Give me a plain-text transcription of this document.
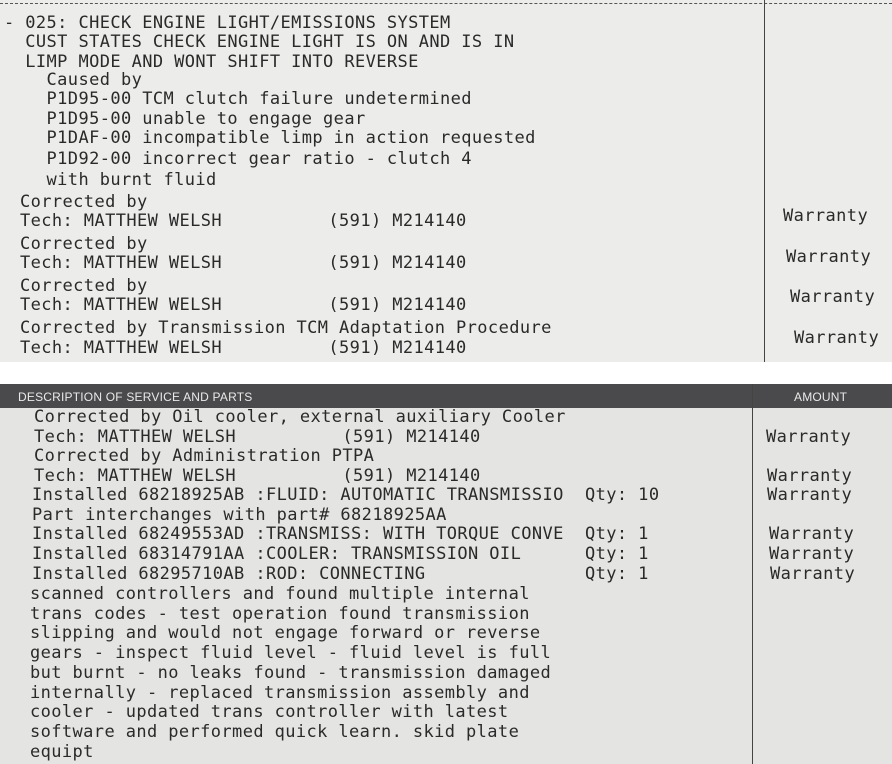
- 025: CHECK ENGINE LIGHT/EMISSIONS SYSTEM
CUST STATES CHECK ENGINE LIGHT IS ON AND IS IN
LIMP MODE AND WONT SHIFT INTO REVERSE
Caused by
P1D95-00 TCM clutch failure undetermined
P1D95-00 unable to engage gear
P1DAF-00 incompatible limp in action requested
P1D92-00 incorrect gear ratio - clutch 4
with burnt fluid
Corrected by
Tech: MATTHEW WELSH          (591) M214140
Corrected by
Tech: MATTHEW WELSH          (591) M214140
Corrected by
Tech: MATTHEW WELSH          (591) M214140
Corrected by Transmission TCM Adaptation Procedure
Tech: MATTHEW WELSH          (591) M214140
Warranty
Warranty
Warranty
Warranty
DESCRIPTION OF SERVICE AND PARTS	AMOUNT
Corrected by Oil cooler, external auxiliary Cooler
Tech: MATTHEW WELSH          (591) M214140
Corrected by Administration PTPA
Tech: MATTHEW WELSH          (591) M214140
Installed 68218925AB :FLUID: AUTOMATIC TRANSMISSIO  Qty: 10
Part interchanges with part# 68218925AA
Installed 68249553AD :TRANSMISS: WITH TORQUE CONVE  Qty: 1
Installed 68314791AA :COOLER: TRANSMISSION OIL      Qty: 1
Installed 68295710AB :ROD: CONNECTING               Qty: 1
scanned controllers and found multiple internal
trans codes - test operation found transmission
slipping and would not engage forward or reverse
gears - inspect fluid level - fluid level is full
but burnt - no leaks found - transmission damaged
internally - replaced transmission assembly and
cooler - updated trans controller with latest
software and performed quick learn. skid plate
equipt
Warranty
Warranty
Warranty
Warranty
Warranty
Warranty
